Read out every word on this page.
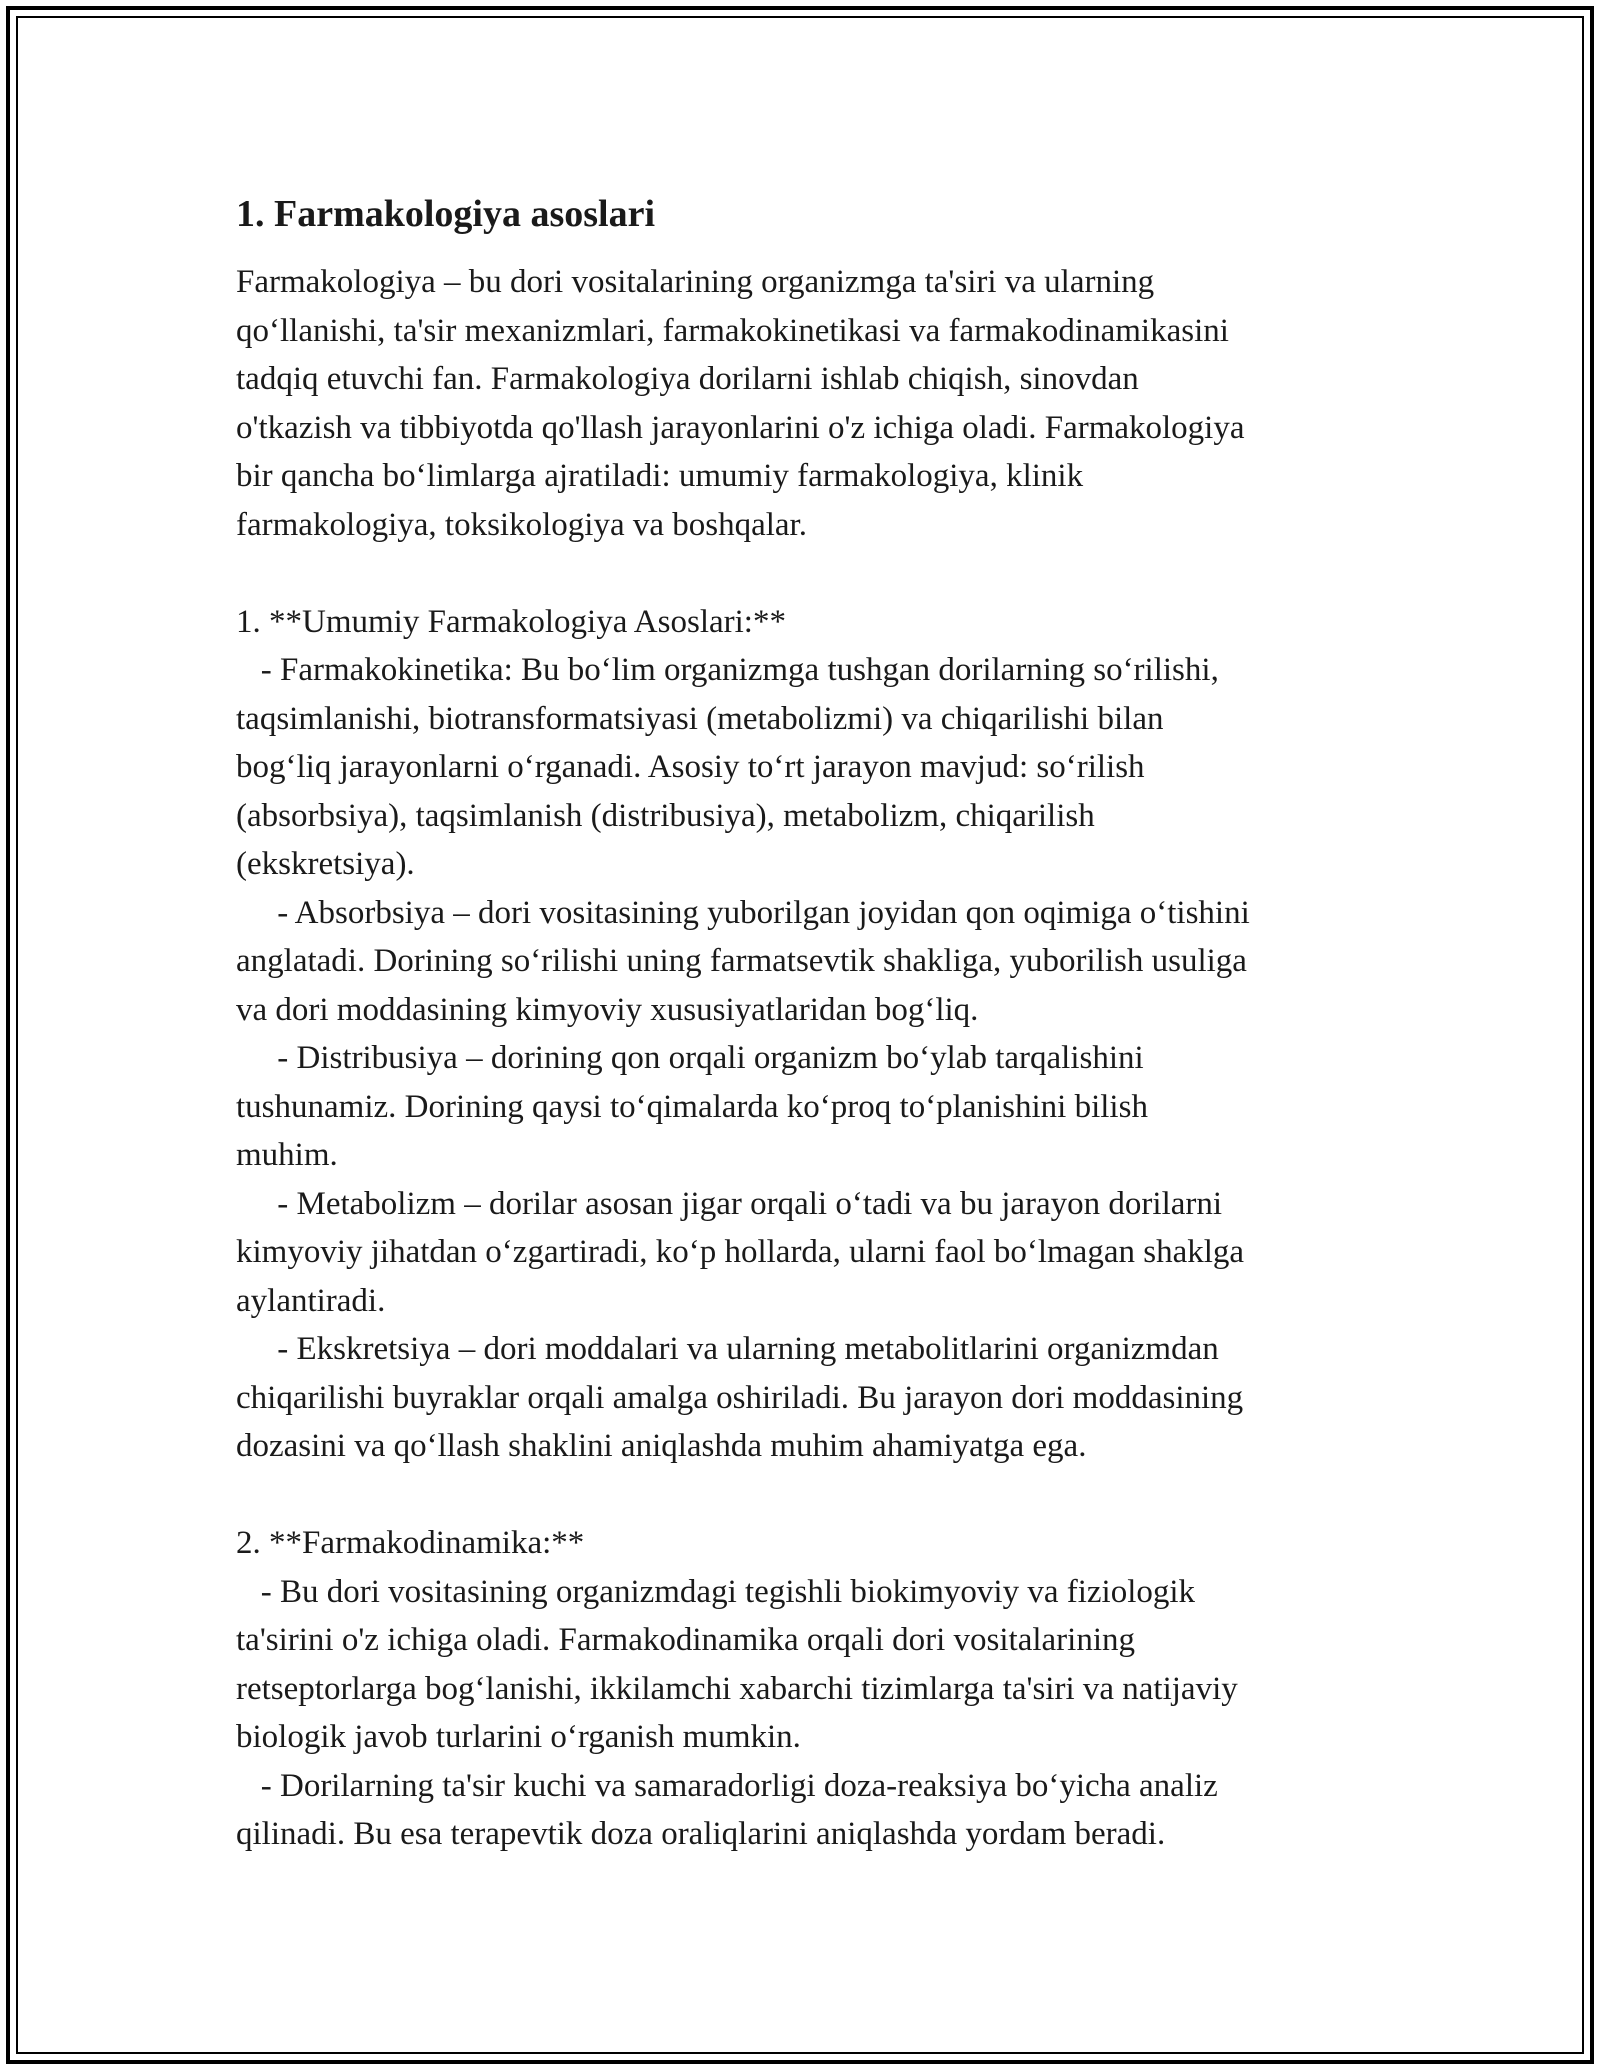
1. Farmakologiya asoslari
Farmakologiya – bu dori vositalarining organizmga ta'siri va ularning
qo‘llanishi, ta'sir mexanizmlari, farmakokinetikasi va farmakodinamikasini
tadqiq etuvchi fan. Farmakologiya dorilarni ishlab chiqish, sinovdan
o'tkazish va tibbiyotda qo'llash jarayonlarini o'z ichiga oladi. Farmakologiya
bir qancha bo‘limlarga ajratiladi: umumiy farmakologiya, klinik
farmakologiya, toksikologiya va boshqalar.
1. **Umumiy Farmakologiya Asoslari:**
- Farmakokinetika: Bu bo‘lim organizmga tushgan dorilarning so‘rilishi,
taqsimlanishi, biotransformatsiyasi (metabolizmi) va chiqarilishi bilan
bog‘liq jarayonlarni o‘rganadi. Asosiy to‘rt jarayon mavjud: so‘rilish
(absorbsiya), taqsimlanish (distribusiya), metabolizm, chiqarilish
(ekskretsiya).
- Absorbsiya – dori vositasining yuborilgan joyidan qon oqimiga o‘tishini
anglatadi. Dorining so‘rilishi uning farmatsevtik shakliga, yuborilish usuliga
va dori moddasining kimyoviy xususiyatlaridan bog‘liq.
- Distribusiya – dorining qon orqali organizm bo‘ylab tarqalishini
tushunamiz. Dorining qaysi to‘qimalarda ko‘proq to‘planishini bilish
muhim.
- Metabolizm – dorilar asosan jigar orqali o‘tadi va bu jarayon dorilarni
kimyoviy jihatdan o‘zgartiradi, ko‘p hollarda, ularni faol bo‘lmagan shaklga
aylantiradi.
- Ekskretsiya – dori moddalari va ularning metabolitlarini organizmdan
chiqarilishi buyraklar orqali amalga oshiriladi. Bu jarayon dori moddasining
dozasini va qo‘llash shaklini aniqlashda muhim ahamiyatga ega.
2. **Farmakodinamika:**
- Bu dori vositasining organizmdagi tegishli biokimyoviy va fiziologik
ta'sirini o'z ichiga oladi. Farmakodinamika orqali dori vositalarining
retseptorlarga bog‘lanishi, ikkilamchi xabarchi tizimlarga ta'siri va natijaviy
biologik javob turlarini o‘rganish mumkin.
- Dorilarning ta'sir kuchi va samaradorligi doza-reaksiya bo‘yicha analiz
qilinadi. Bu esa terapevtik doza oraliqlarini aniqlashda yordam beradi.
